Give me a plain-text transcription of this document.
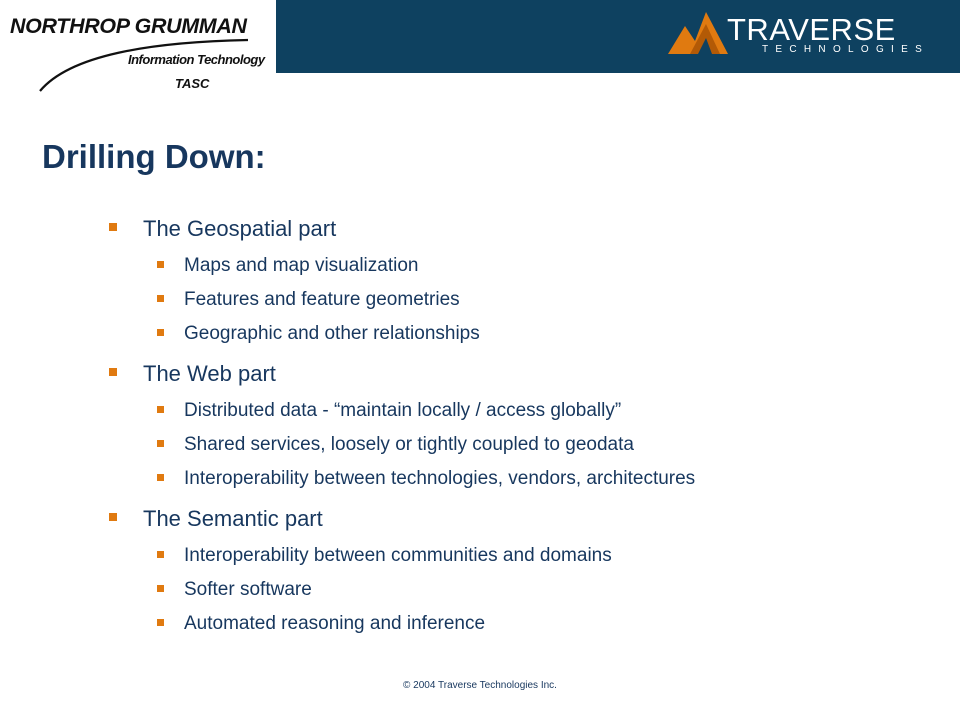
NORTHROP GRUMMAN
Information Technology
TASC
TRAVERSE
TECHNOLOGIES
Drilling Down:
The Geospatial part
Maps and map visualization
Features and feature geometries
Geographic and other relationships
The Web part
Distributed data - “maintain locally / access globally”
Shared services, loosely or tightly coupled to geodata
Interoperability between technologies, vendors, architectures
The Semantic part
Interoperability between communities and domains
Softer software
Automated reasoning and inference
© 2004 Traverse Technologies Inc.
